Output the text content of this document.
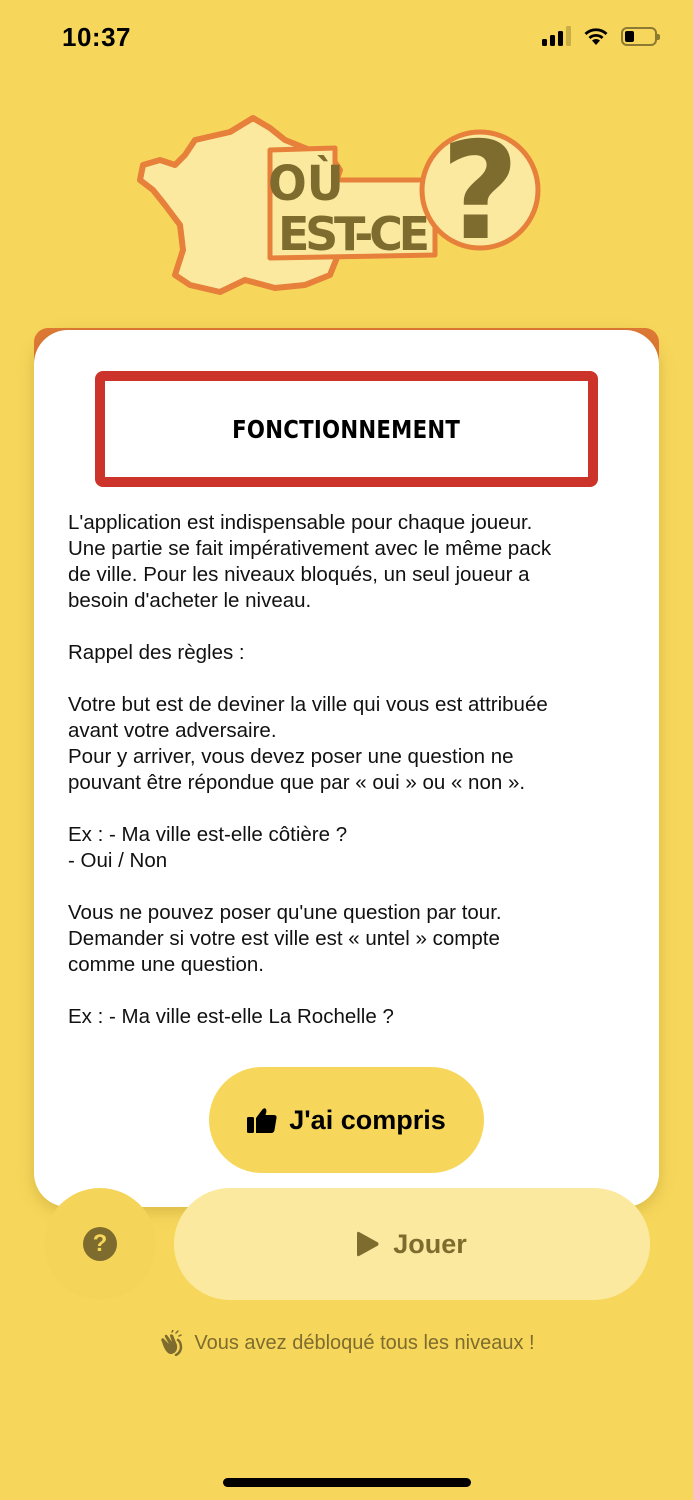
10:37
OÙ
EST-CE ?
FONCTIONNEMENT

L'application est indispensable pour chaque joueur.
Une partie se fait impérativement avec le même pack
de ville. Pour les niveaux bloqués, un seul joueur a
besoin d'acheter le niveau.

Rappel des règles :

Votre but est de deviner la ville qui vous est attribuée
avant votre adversaire.
Pour y arriver, vous devez poser une question ne
pouvant être répondue que par « oui » ou « non ».

Ex : - Ma ville est-elle côtière ?
- Oui / Non

Vous ne pouvez poser qu'une question par tour.
Demander si votre est ville est « untel » compte
comme une question.

Ex : - Ma ville est-elle La Rochelle ?

J'ai compris
?	Jouer
Vous avez débloqué tous les niveaux !
